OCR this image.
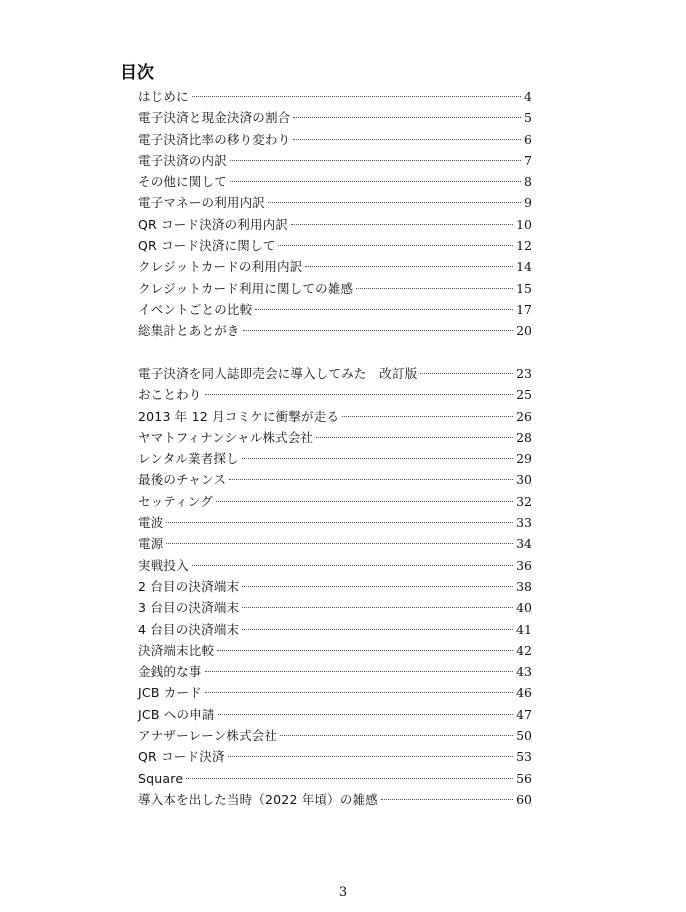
目次
はじめに	4
電子決済と現金決済の割合	5
電子決済比率の移り変わり	6
電子決済の内訳	7
その他に関して	8
電子マネーの利用内訳	9
QR コード決済の利用内訳	10
QR コード決済に関して	12
クレジットカードの利用内訳	14
クレジットカード利用に関しての雑感	15
イベントごとの比較	17
総集計とあとがき	20
電子決済を同人誌即売会に導入してみた　改訂版	23
おことわり	25
2013 年 12 月コミケに衝撃が走る	26
ヤマトフィナンシャル株式会社	28
レンタル業者探し	29
最後のチャンス	30
セッティング	32
電波	33
電源	34
実戦投入	36
2 台目の決済端末	38
3 台目の決済端末	40
4 台目の決済端末	41
決済端末比較	42
金銭的な事	43
JCB カード	46
JCB への申請	47
アナザーレーン株式会社	50
QR コード決済	53
Square	56
導入本を出した当時（2022 年頃）の雑感	60
3
